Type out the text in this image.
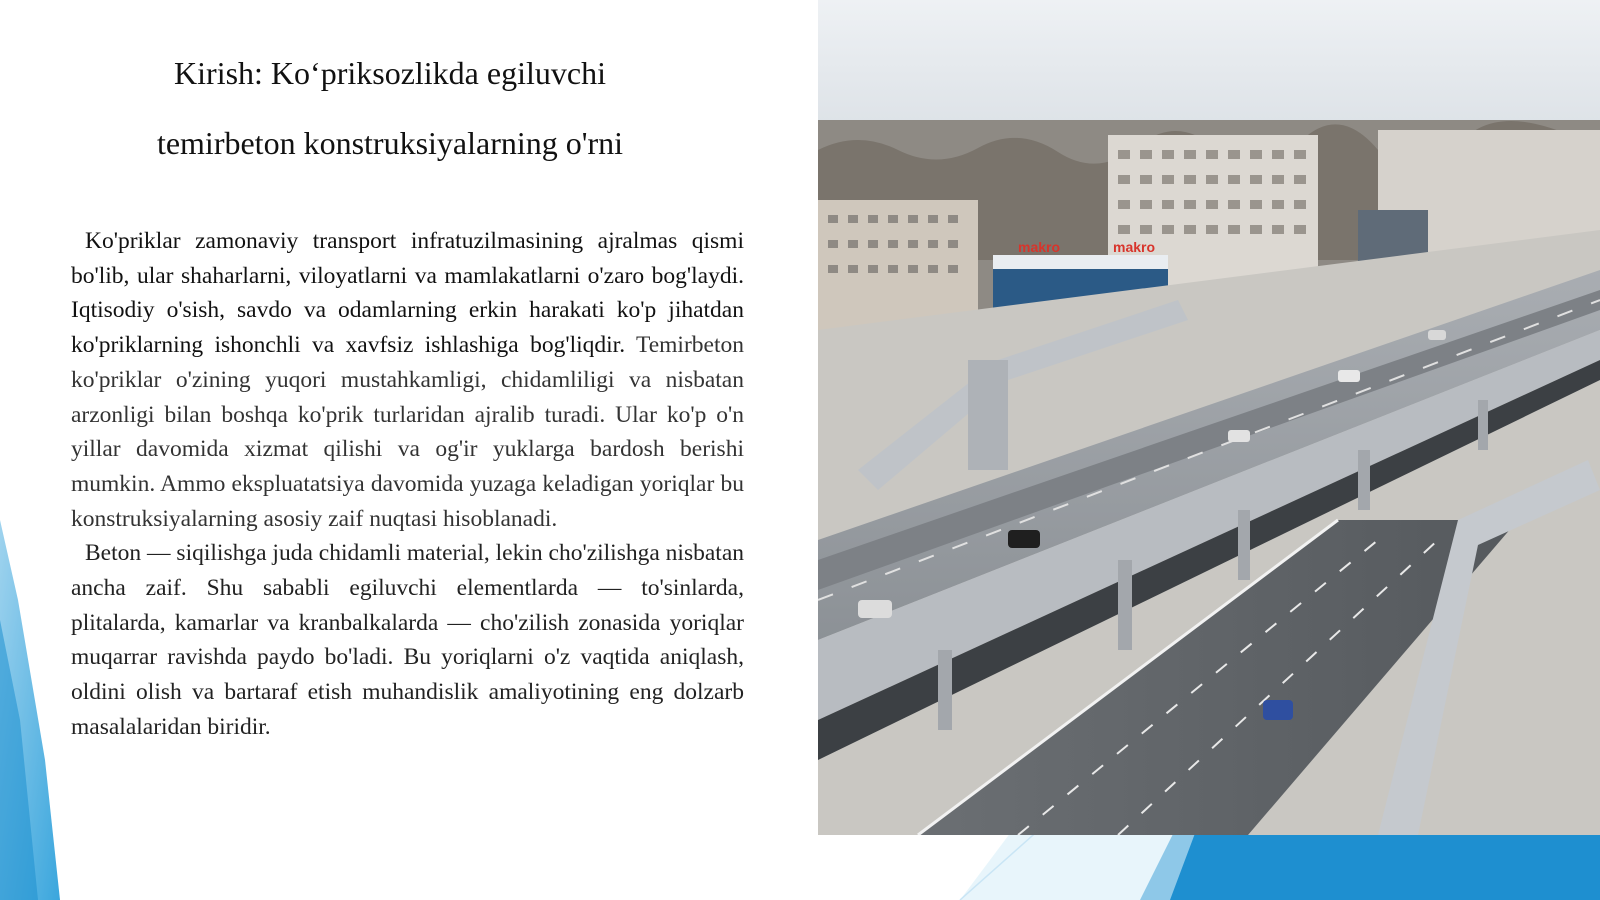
Kirish: Ko‘priksozlikda egiluvchi
temirbeton konstruksiyalarning o'rni

Ko'priklar zamonaviy transport infratuzilmasining ajralmas qismi bo'lib, ular shaharlarni, viloyatlarni va mamlakatlarni o'zaro bog'laydi. Iqtisodiy o'sish, savdo va odamlarning erkin harakati ko'p jihatdan ko'priklarning ishonchli va xavfsiz ishlashiga bog'liqdir. Temirbeton ko'priklar o'zining yuqori mustahkamligi, chidamliligi va nisbatan arzonligi bilan boshqa ko'prik turlaridan ajralib turadi. Ular ko'p o'n yillar davomida xizmat qilishi va og'ir yuklarga bardosh berishi mumkin. Ammo ekspluatatsiya davomida yuzaga keladigan yoriqlar bu konstruksiyalarning asosiy zaif nuqtasi hisoblanadi.

Beton — siqilishga juda chidamli material, lekin cho'zilishga nisbatan ancha zaif. Shu sababli egiluvchi elementlarda — to'sinlarda, plitalarda, kamarlar va kranbalkalarda — cho'zilish zonasida yoriqlar muqarrar ravishda paydo bo'ladi. Bu yoriqlarni o'z vaqtida aniqlash, oldini olish va bartaraf etish muhandislik amaliyotining eng dolzarb masalalaridan biridir.

makro	makro
